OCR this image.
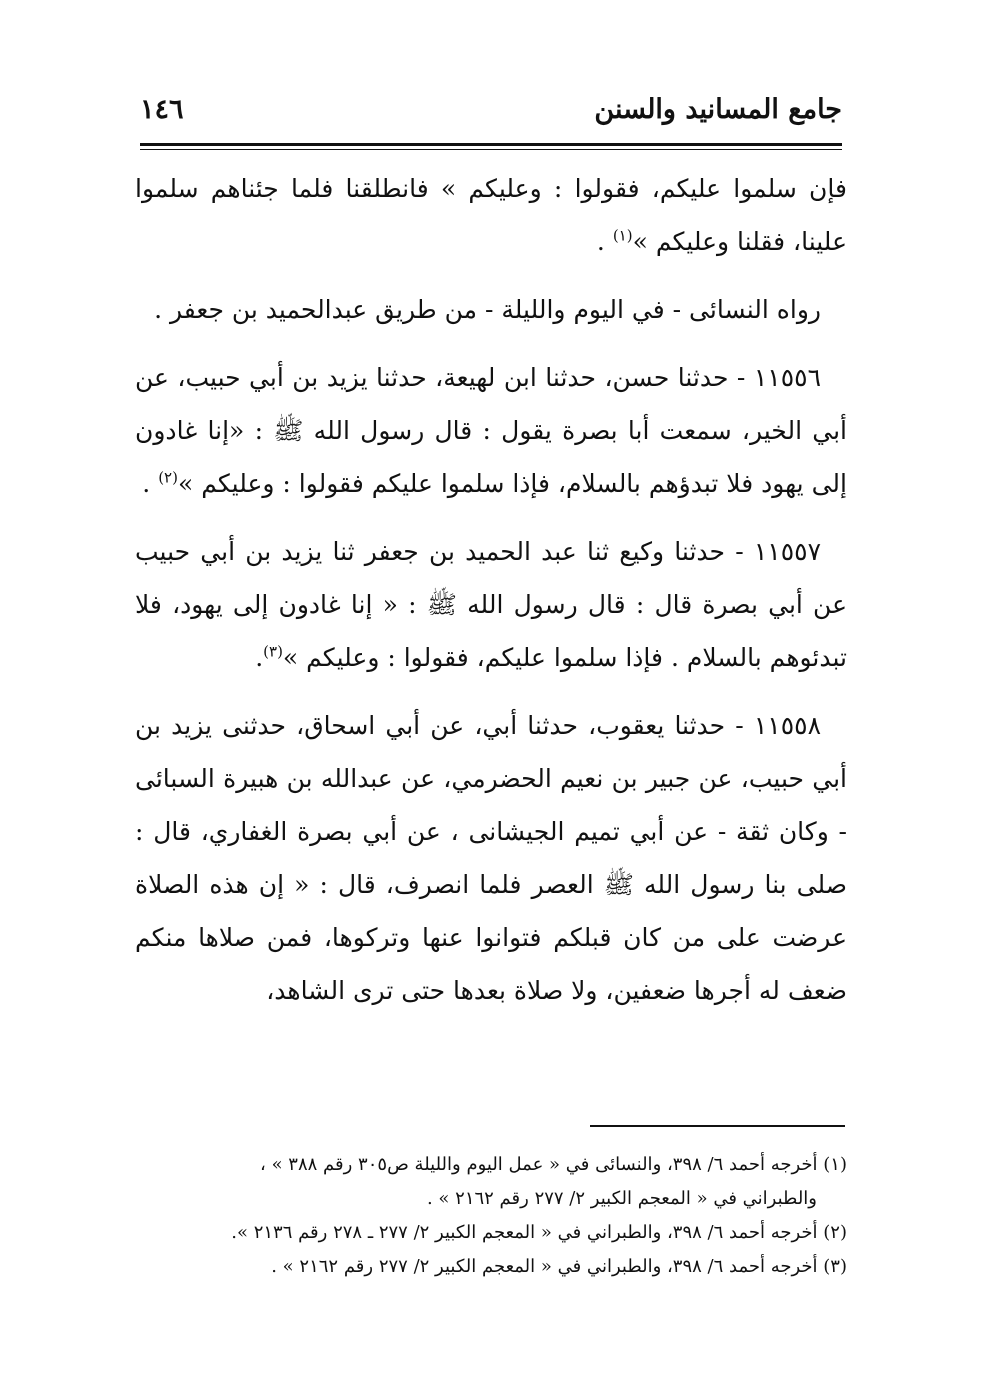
جامع المسانيد والسنن
١٤٦

فإن سلموا عليكم، فقولوا : وعليكم » فانطلقنا فلما جئناهم سلموا علينا، فقلنا وعليكم »$^{(١)}$ .

رواه النسائى - في اليوم والليلة - من طريق عبدالحميد بن جعفر .

١١٥٥٦ - حدثنا حسن، حدثنا ابن لهيعة، حدثنا يزيد بن أبي حبيب، عن أبي الخير، سمعت أبا بصرة يقول : قال رسول الله ﷺ : «إنا غادون إلى يهود فلا تبدؤهم بالسلام، فإذا سلموا عليكم فقولوا : وعليكم »$^{(٢)}$ .

١١٥٥٧ - حدثنا وكيع ثنا عبد الحميد بن جعفر ثنا يزيد بن أبي حبيب عن أبي بصرة قال : قال رسول الله ﷺ : « إنا غادون إلى يهود، فلا تبدئوهم بالسلام . فإذا سلموا عليكم، فقولوا : وعليكم »$^{(٣)}$.

١١٥٥٨ - حدثنا يعقوب، حدثنا أبي، عن أبي اسحاق، حدثنى يزيد بن أبي حبيب، عن جبير بن نعيم الحضرمي، عن عبدالله بن هبيرة السبائى - وكان ثقة - عن أبي تميم الجيشانى ، عن أبي بصرة الغفاري، قال : صلى بنا رسول الله ﷺ العصر فلما انصرف، قال : « إن هذه الصلاة عرضت على من كان قبلكم فتوانوا عنها وتركوها، فمن صلاها منكم ضعف له أجرها ضعفين، ولا صلاة بعدها حتى ترى الشاهد،

(١) أخرجه أحمد ٦/ ٣٩٨، والنسائى في « عمل اليوم والليلة ص٣٠٥ رقم ٣٨٨ » ،

والطبراني في « المعجم الكبير ٢/ ٢٧٧ رقم ٢١٦٢ » .

(٢) أخرجه أحمد ٦/ ٣٩٨، والطبراني في « المعجم الكبير ٢/ ٢٧٧ ـ ٢٧٨ رقم ٢١٣٦ ».

(٣) أخرجه أحمد ٦/ ٣٩٨، والطبراني في « المعجم الكبير ٢/ ٢٧٧ رقم ٢١٦٢ » .
